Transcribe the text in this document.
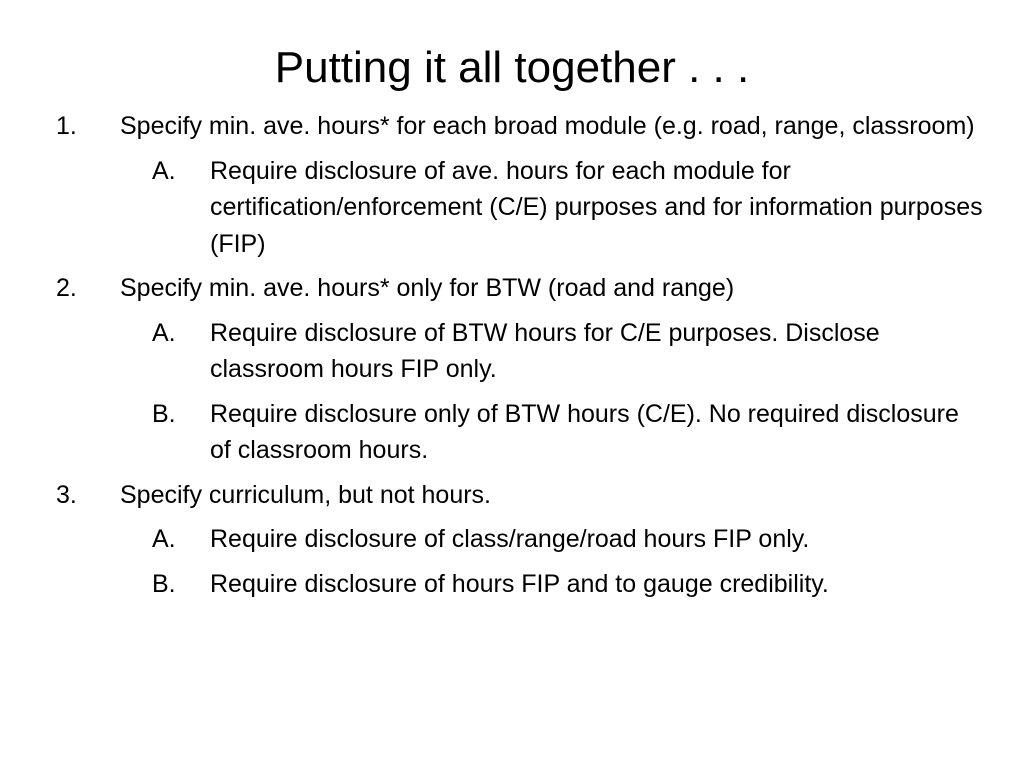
Putting it all together . . .
1.	Specify min. ave. hours* for each broad module (e.g. road, range, classroom)
A.	Require disclosure of ave. hours for each module for certification/enforcement (C/E) purposes and for information purposes (FIP)
2.	Specify min. ave. hours* only for BTW (road and range)
A.	Require disclosure of BTW hours for C/E purposes. Disclose classroom hours FIP only.
B.	Require disclosure only of BTW hours (C/E). No required disclosure of classroom hours.
3.	Specify curriculum, but not hours.
A.	Require disclosure of class/range/road hours FIP only.
B.	Require disclosure of hours FIP and to gauge credibility.
